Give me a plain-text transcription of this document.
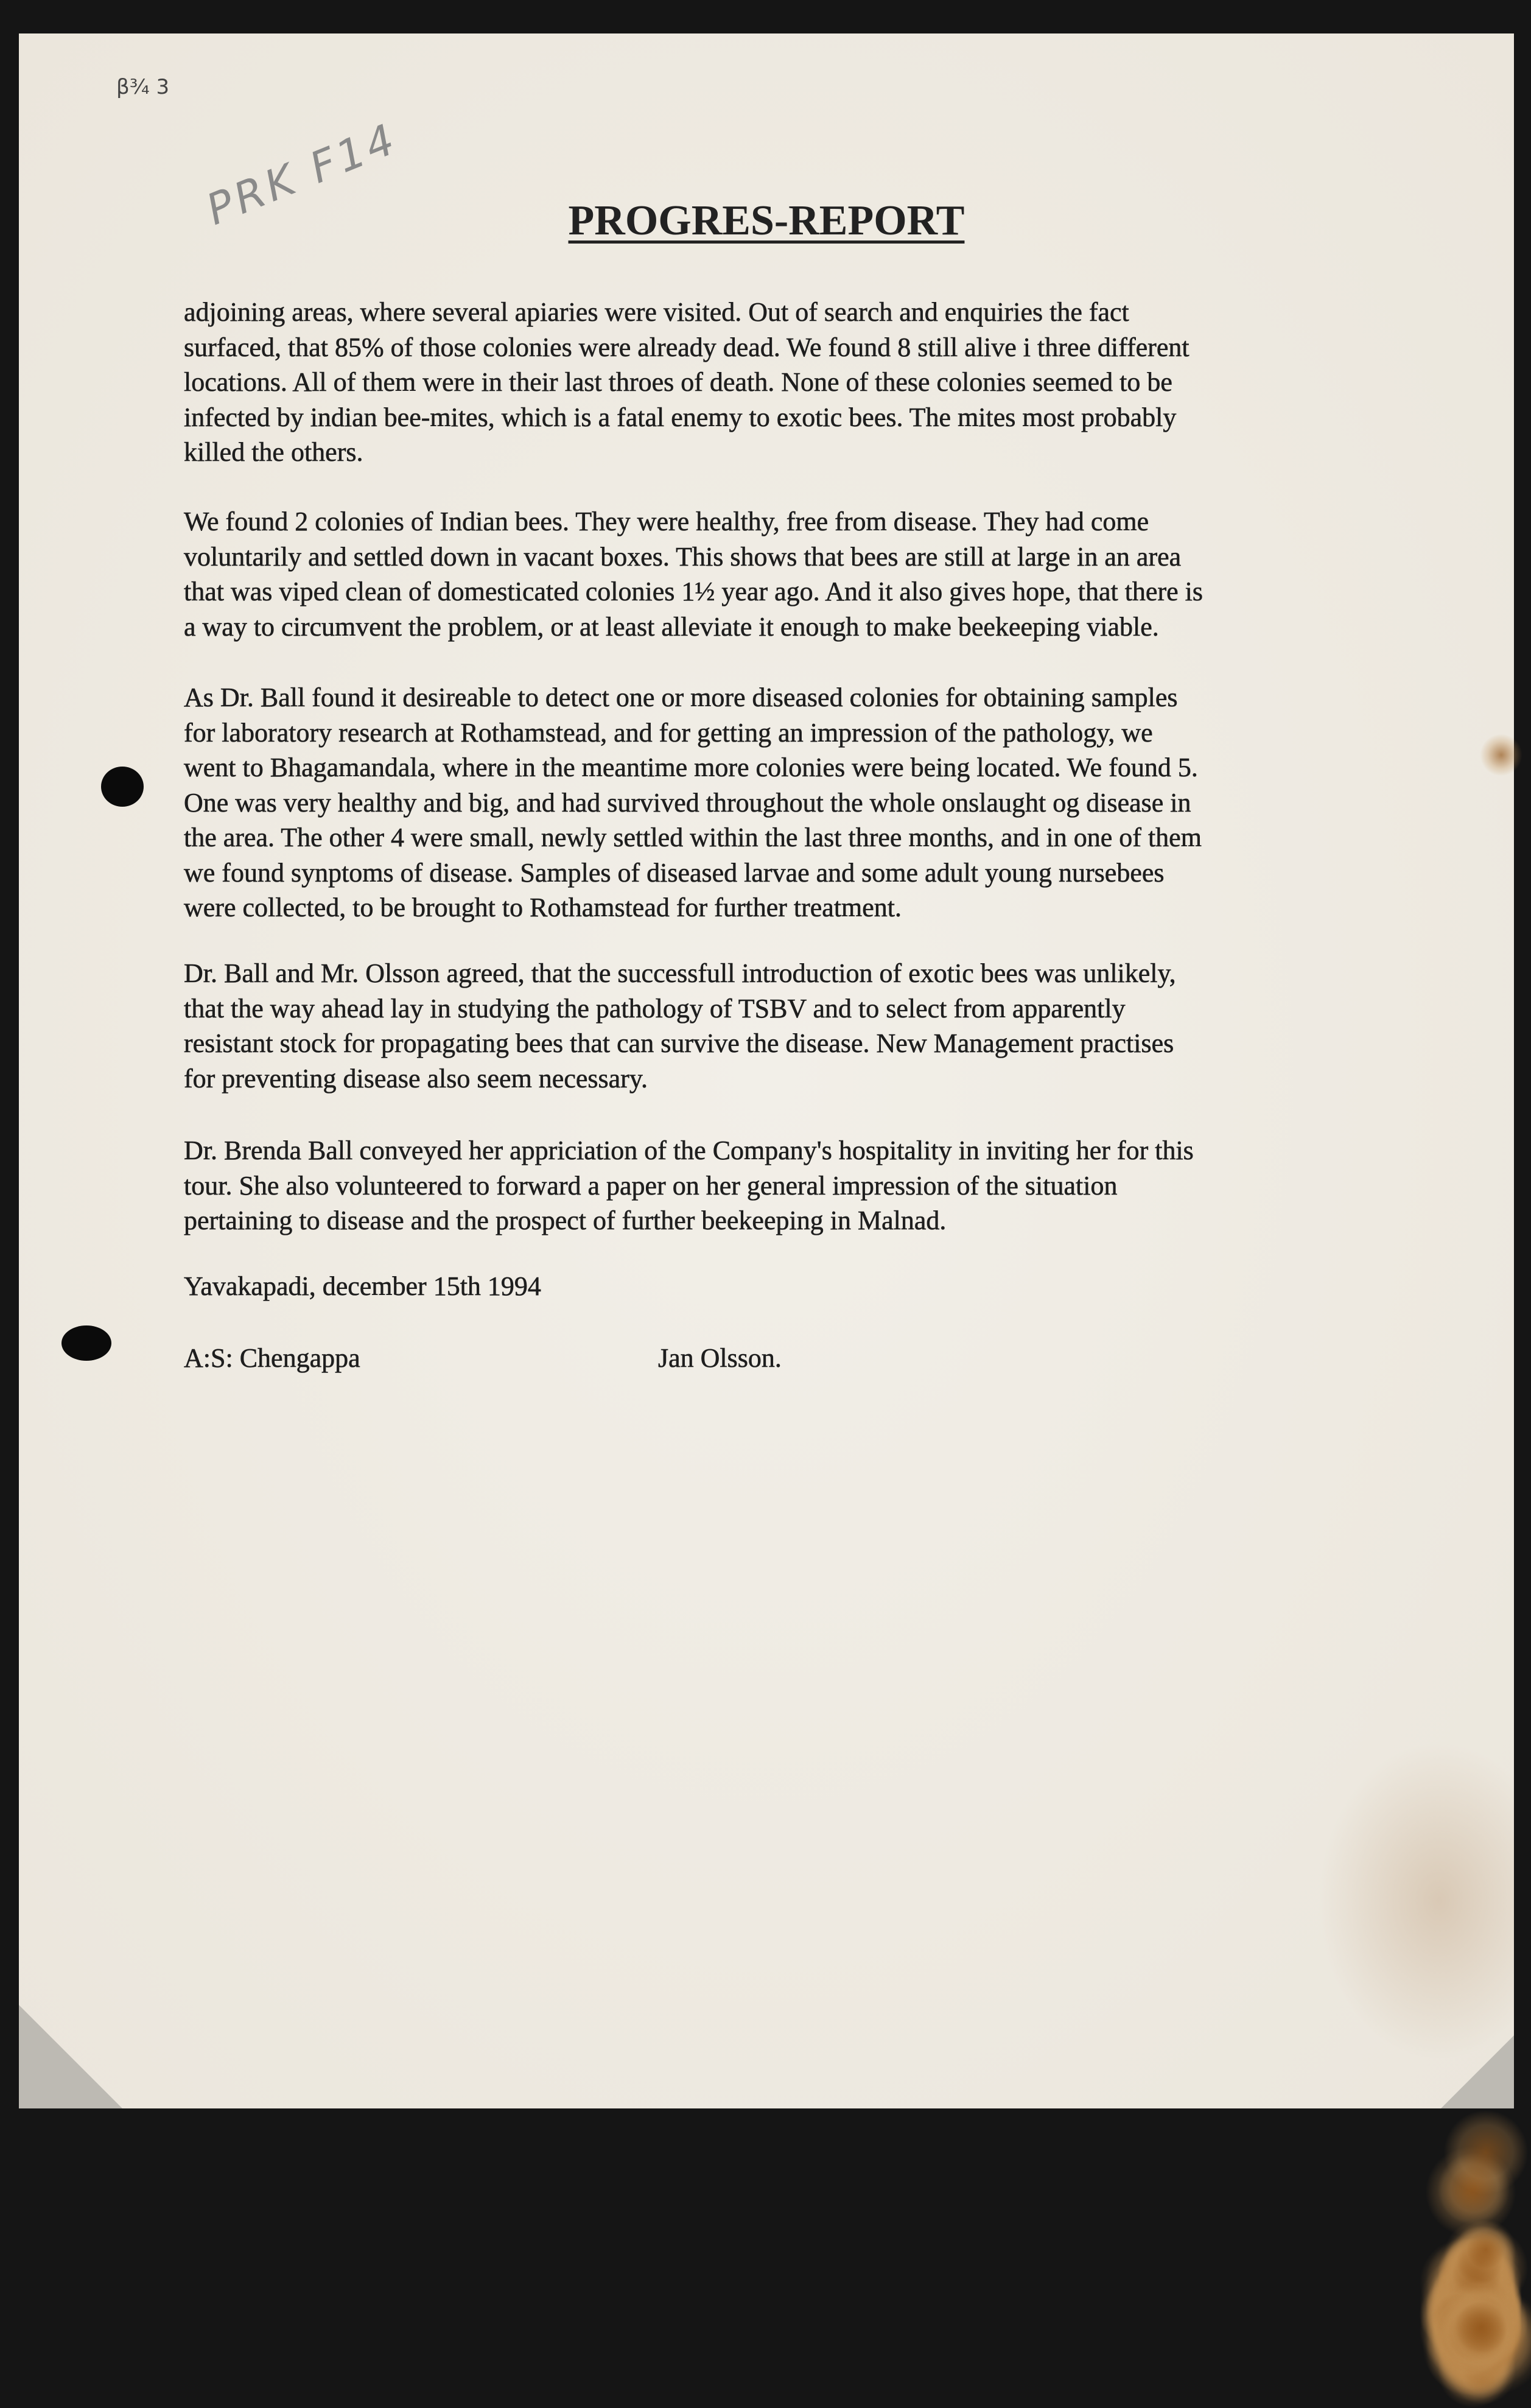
β¾ 3
PRK F14	PROGRES-REPORT
adjoining areas, where several apiaries were visited. Out of search and enquiries the fact
surfaced, that 85% of those colonies were already dead. We found 8 still alive i three different
locations. All of them were in their last throes of death. None of these colonies seemed to be
infected by indian bee-mites, which is a fatal enemy to exotic bees. The mites most probably
killed the others.
We found 2 colonies of Indian bees. They were healthy, free from disease. They had come
voluntarily and settled down in vacant boxes. This shows that bees are still at large in an area
that was viped clean of domesticated colonies 1½ year ago. And it also gives hope, that there is
a way to circumvent the problem, or at least alleviate it enough to make beekeeping viable.
As Dr. Ball found it desireable to detect one or more diseased colonies for obtaining samples
for laboratory research at Rothamstead, and for getting an impression of the pathology, we
went to Bhagamandala, where in the meantime more colonies were being located. We found 5.
One was very healthy and big, and had survived throughout the whole onslaught og disease in
the area. The other 4 were small, newly settled within the last three months, and in one of them
we found synptoms of disease. Samples of diseased larvae and some adult young nursebees
were collected, to be brought to Rothamstead for further treatment.
Dr. Ball and Mr. Olsson agreed, that the successfull introduction of exotic bees was unlikely,
that the way ahead lay in studying the pathology of TSBV and to select from apparently
resistant stock for propagating bees that can survive the disease. New Management practises
for preventing disease also seem necessary.
Dr. Brenda Ball conveyed her appriciation of the Company's hospitality in inviting her for this
tour. She also volunteered to forward a paper on her general impression of the situation
pertaining to disease and the prospect of further beekeeping in Malnad.
Yavakapadi, december 15th 1994
A:S: Chengappa	Jan Olsson.
